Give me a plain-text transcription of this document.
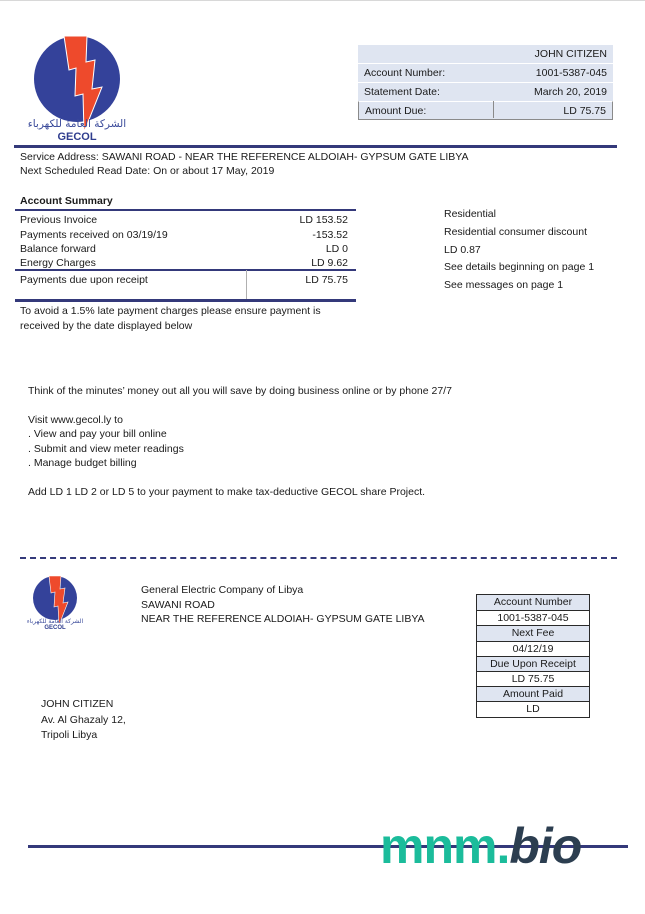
الشركة العامة للكهرباء
GECOL
JOHN CITIZEN
Account Number:	1001-5387-045
Statement Date:	March 20, 2019
Amount Due:	LD 75.75
Service Address: SAWANI ROAD - NEAR THE REFERENCE ALDOIAH- GYPSUM GATE LIBYA
Next Scheduled Read Date: On or about 17 May, 2019
Account Summary
Previous Invoice	LD 153.52
Payments received on 03/19/19	-153.52
Balance forward	LD 0
Energy Charges	LD 9.62
Payments due upon receipt	LD 75.75
To avoid a 1.5% late payment charges please ensure payment is
received by the date displayed below
Residential
Residential consumer discount
LD 0.87
See details beginning on page 1
See messages on page 1
Think of the minutes’ money out all you will save by doing business online or by phone 27/7
Visit www.gecol.ly to
. View and pay your bill online
. Submit and view meter readings
. Manage budget billing
Add LD 1 LD 2 or LD 5 to your payment to make tax-deductive GECOL share Project.
الشركة العامة للكهرباء
GECOL
General Electric Company of Libya
SAWANI ROAD
NEAR THE REFERENCE ALDOIAH- GYPSUM GATE LIBYA
Account Number
1001-5387-045
Next Fee
04/12/19
Due Upon Receipt
LD 75.75
Amount Paid
LD
JOHN CITIZEN
Av. Al Ghazaly 12,
Tripoli Libya
mnm.bio
